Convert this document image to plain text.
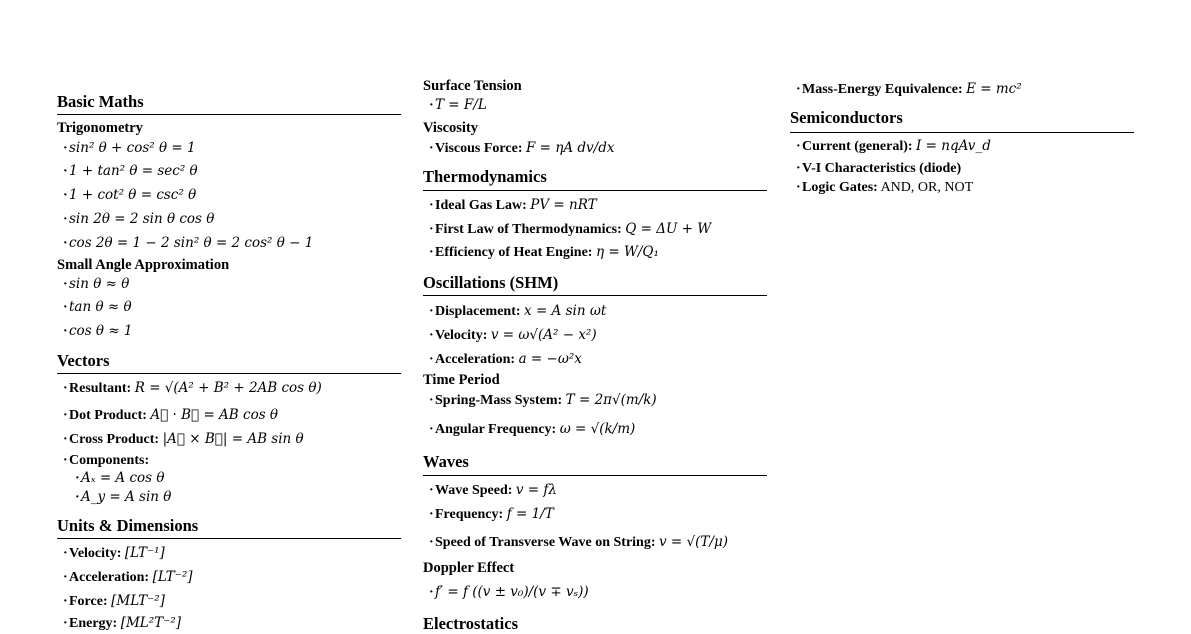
Basic Maths
Trigonometry
·sin² θ + cos² θ = 1
·1 + tan² θ = sec² θ
·1 + cot² θ = csc² θ
·sin 2θ = 2 sin θ cos θ
·cos 2θ = 1 − 2 sin² θ = 2 cos² θ − 1
Small Angle Approximation
·sin θ ≈ θ
·tan θ ≈ θ
·cos θ ≈ 1
Vectors
·Resultant: R = √(A² + B² + 2AB cos θ)
·Dot Product: A⃗ · B⃗ = AB cos θ
·Cross Product: |A⃗ × B⃗| = AB sin θ
·Components:
·Aₓ = A cos θ
·A_y = A sin θ
Units & Dimensions
·Velocity: [LT⁻¹]
·Acceleration: [LT⁻²]
·Force: [MLT⁻²]
·Energy: [ML²T⁻²]
Surface Tension
·T = F/L
Viscosity
·Viscous Force: F = ηA dv/dx
Thermodynamics
·Ideal Gas Law: PV = nRT
·First Law of Thermodynamics: Q = ΔU + W
·Efficiency of Heat Engine: η = W/Q₁
Oscillations (SHM)
·Displacement: x = A sin ωt
·Velocity: v = ω√(A² − x²)
·Acceleration: a = −ω²x
Time Period
·Spring-Mass System: T = 2π√(m/k)
·Angular Frequency: ω = √(k/m)
Waves
·Wave Speed: v = fλ
·Frequency: f = 1/T
·Speed of Transverse Wave on String: v = √(T/μ)
Doppler Effect
·f′ = f ((v ± v₀)/(v ∓ vₛ))
Electrostatics
·Mass-Energy Equivalence: E = mc²
Semiconductors
·Current (general): I = nqAv_d
·V-I Characteristics (diode)
·Logic Gates: AND, OR, NOT
